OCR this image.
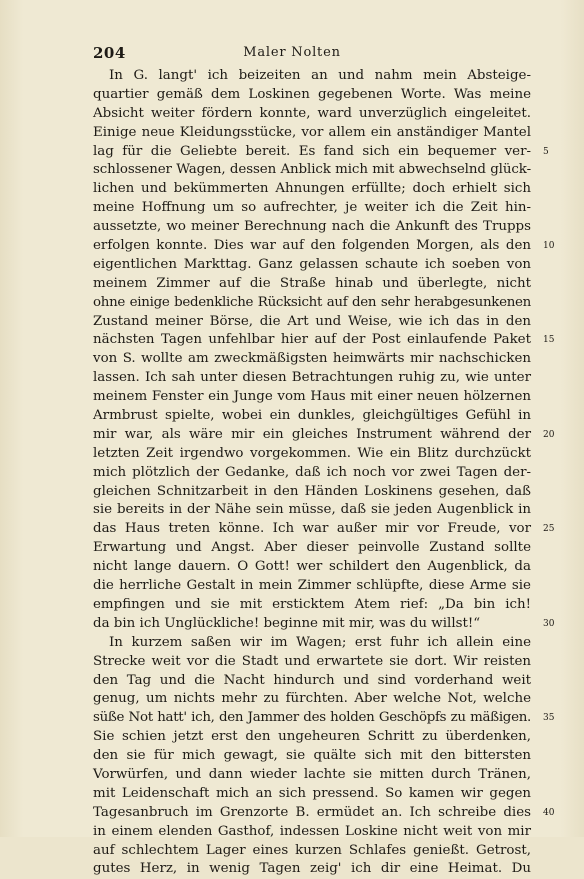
204	Maler Nolten
In G. langt' ich beizeiten an und nahm mein Absteige-
quartier gemäß dem Loskinen gegebenen Worte. Was meine
Absicht weiter fördern konnte, ward unverzüglich eingeleitet.
Einige neue Kleidungsstücke, vor allem ein anständiger Mantel
lag für die Geliebte bereit. Es fand sich ein bequemer ver- 5
schlossener Wagen, dessen Anblick mich mit abwechselnd glück-
lichen und bekümmerten Ahnungen erfüllte; doch erhielt sich
meine Hoffnung um so aufrechter, je weiter ich die Zeit hin-
aussetzte, wo meiner Berechnung nach die Ankunft des Trupps
erfolgen konnte. Dies war auf den folgenden Morgen, als den 10
eigentlichen Markttag. Ganz gelassen schaute ich soeben von
meinem Zimmer auf die Straße hinab und überlegte, nicht
ohne einige bedenkliche Rücksicht auf den sehr herabgesunkenen
Zustand meiner Börse, die Art und Weise, wie ich das in den
nächsten Tagen unfehlbar hier auf der Post einlaufende Paket 15
von S. wollte am zweckmäßigsten heimwärts mir nachschicken
lassen. Ich sah unter diesen Betrachtungen ruhig zu, wie unter
meinem Fenster ein Junge vom Haus mit einer neuen hölzernen
Armbrust spielte, wobei ein dunkles, gleichgültiges Gefühl in
mir war, als wäre mir ein gleiches Instrument während der 20
letzten Zeit irgendwo vorgekommen. Wie ein Blitz durchzückt
mich plötzlich der Gedanke, daß ich noch vor zwei Tagen der-
gleichen Schnitzarbeit in den Händen Loskinens gesehen, daß
sie bereits in der Nähe sein müsse, daß sie jeden Augenblick in
das Haus treten könne. Ich war außer mir vor Freude, vor 25
Erwartung und Angst. Aber dieser peinvolle Zustand sollte
nicht lange dauern. O Gott! wer schildert den Augenblick, da
die herrliche Gestalt in mein Zimmer schlüpfte, diese Arme sie
empfingen und sie mit ersticktem Atem rief: „Da bin ich!
da bin ich Unglückliche! beginne mit mir, was du willst!“	30
In kurzem saßen wir im Wagen; erst fuhr ich allein eine
Strecke weit vor die Stadt und erwartete sie dort. Wir reisten
den Tag und die Nacht hindurch und sind vorderhand weit
genug, um nichts mehr zu fürchten. Aber welche Not, welche
süße Not hatt' ich, den Jammer des holden Geschöpfs zu mäßigen. 35
Sie schien jetzt erst den ungeheuren Schritt zu überdenken,
den sie für mich gewagt, sie quälte sich mit den bittersten
Vorwürfen, und dann wieder lachte sie mitten durch Tränen,
mit Leidenschaft mich an sich pressend. So kamen wir gegen
Tagesanbruch im Grenzorte B. ermüdet an. Ich schreibe dies 40
in einem elenden Gasthof, indessen Loskine nicht weit von mir
auf schlechtem Lager eines kurzen Schlafes genießt. Getrost,
gutes Herz, in wenig Tagen zeig' ich dir eine Heimat. Du
